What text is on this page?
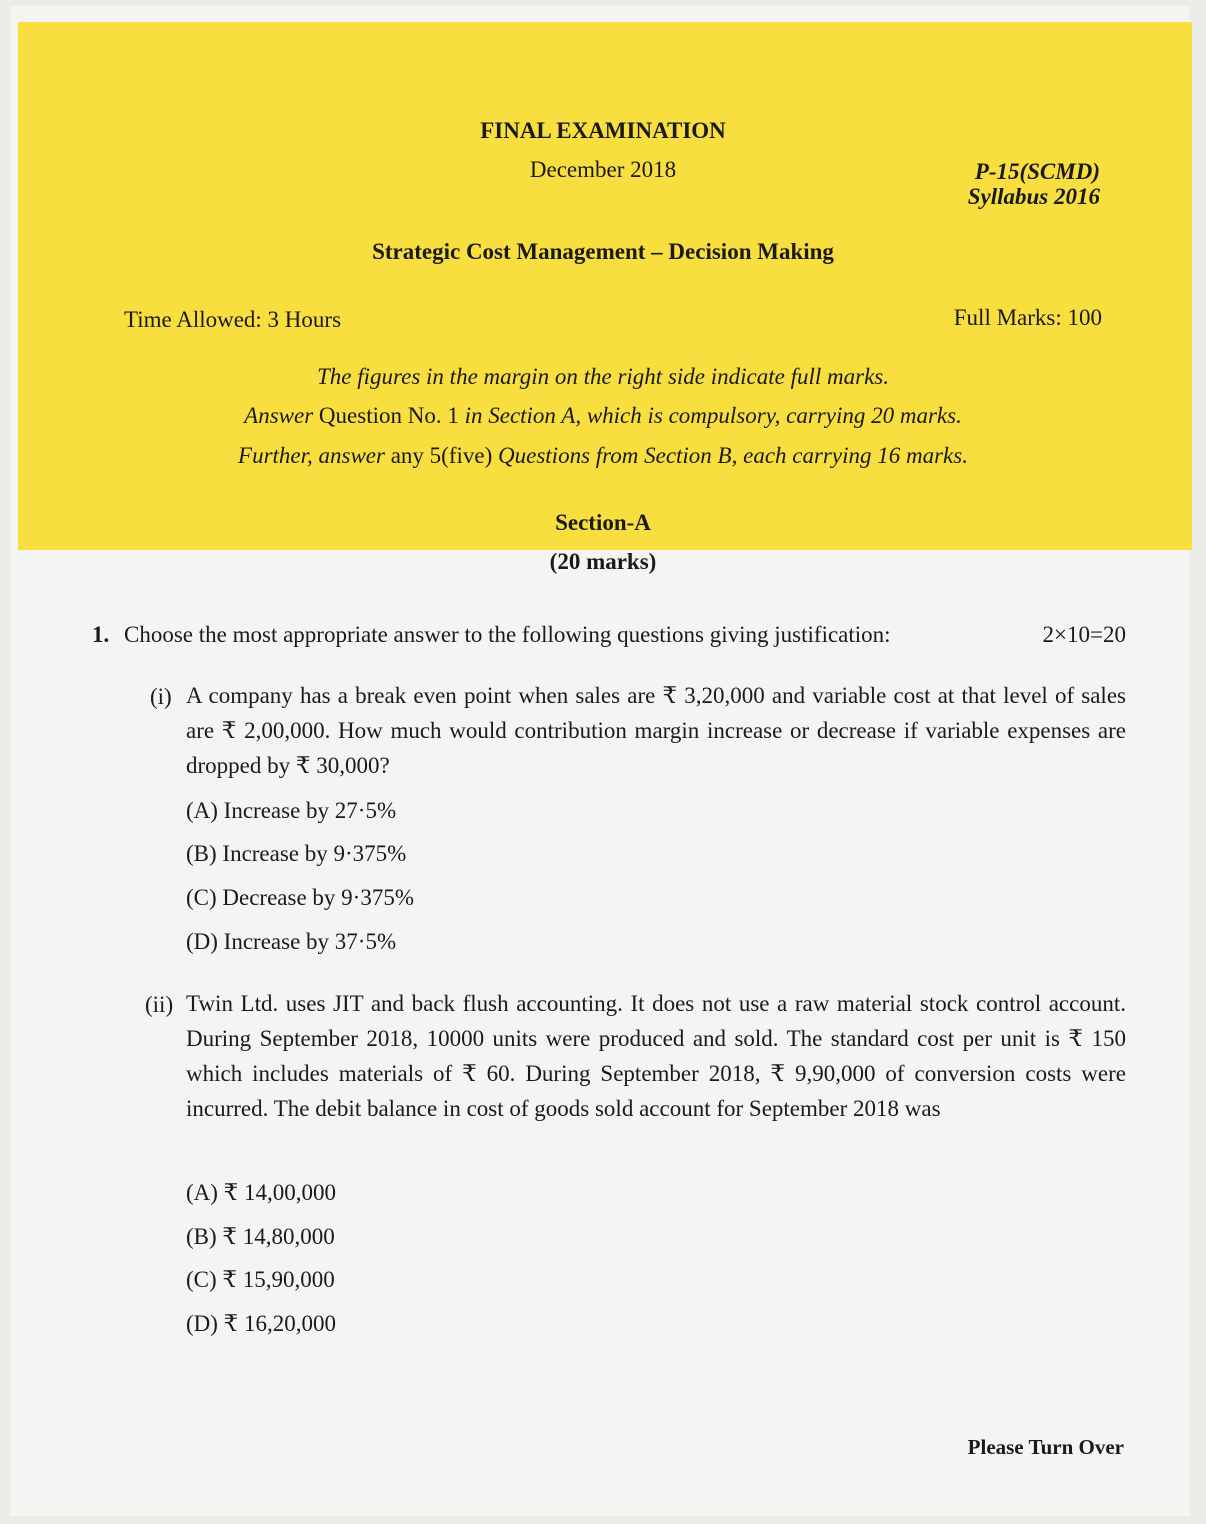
FINAL EXAMINATION
December 2018	P-15(SCMD)
Syllabus 2016
Strategic Cost Management – Decision Making
Time Allowed: 3 Hours	Full Marks: 100
The figures in the margin on the right side indicate full marks.
Answer Question No. 1 in Section A, which is compulsory, carrying 20 marks.
Further, answer any 5(five) Questions from Section B, each carrying 16 marks.
Section-A
(20 marks)
1. Choose the most appropriate answer to the following questions giving justification:	2×10=20
(i) A company has a break even point when sales are ₹ 3,20,000 and variable cost at that level of sales are ₹ 2,00,000. How much would contribution margin increase or decrease if variable expenses are dropped by ₹ 30,000?
(A) Increase by 27·5%
(B) Increase by 9·375%
(C) Decrease by 9·375%
(D) Increase by 37·5%
(ii) Twin Ltd. uses JIT and back flush accounting. It does not use a raw material stock control account. During September 2018, 10000 units were produced and sold. The standard cost per unit is ₹ 150 which includes materials of ₹ 60. During September 2018, ₹ 9,90,000 of conversion costs were incurred. The debit balance in cost of goods sold account for September 2018 was
(A) ₹ 14,00,000
(B) ₹ 14,80,000
(C) ₹ 15,90,000
(D) ₹ 16,20,000
Please Turn Over
